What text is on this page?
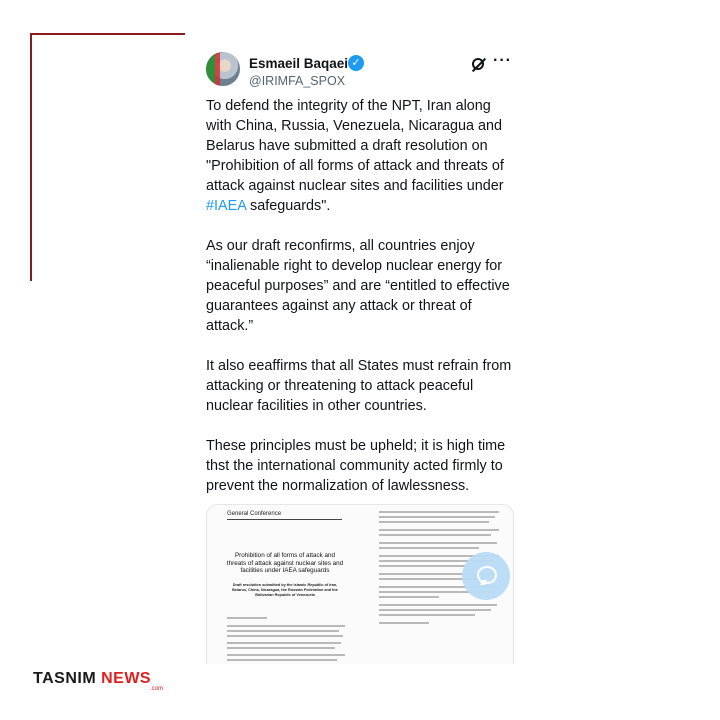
Esmaeil Baqaei ✓
@IRIMFA_SPOX
···

To defend the integrity of the NPT, Iran along with China, Russia, Venezuela, Nicaragua and Belarus have submitted a draft resolution on "Prohibition of all forms of attack and threats of attack against nuclear sites and facilities under #IAEA safeguards".

As our draft reconfirms, all countries enjoy “inalienable right to develop nuclear energy for peaceful purposes” and are “entitled to effective guarantees against any attack or threat of attack.”

It also eeaffirms that all States must refrain from attacking or threatening to attack peaceful nuclear facilities in other countries.

These principles must be upheld; it is high time thst the international community acted firmly to prevent the normalization of lawlessness.

General Conference
Prohibition of all forms of attack and threats of attack against nuclear sites and facilities under IAEA safeguards
Draft resolution submitted by the Islamic Republic of Iran, Belarus, China, Nicaragua, the Russian Federation and the Bolivarian Republic of Venezuela
TASNIM NEWS
.com
